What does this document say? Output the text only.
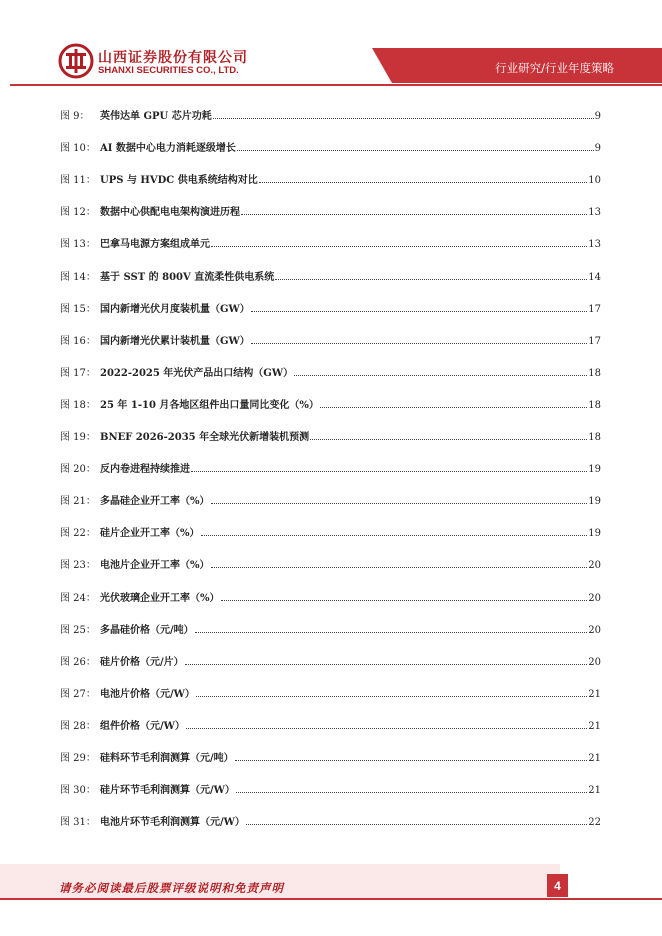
山西证券股份有限公司
SHANXI SECURITIES CO., LTD.	行业研究/行业年度策略
图 9：	英伟达单 GPU 芯片功耗	9
图 10： AI 数据中心电力消耗逐级增长	9
图 11： UPS 与 HVDC 供电系统结构对比	10
图 12： 数据中心供配电电架构演进历程	13
图 13： 巴拿马电源方案组成单元	13
图 14： 基于 SST 的 800V 直流柔性供电系统	14
图 15： 国内新增光伏月度装机量（GW）	17
图 16： 国内新增光伏累计装机量（GW）	17
图 17： 2022-2025 年光伏产品出口结构（GW）	18
图 18： 25 年 1-10 月各地区组件出口量同比变化（%）	18
图 19： BNEF 2026-2035 年全球光伏新增装机预测	18
图 20： 反内卷进程持续推进	19
图 21： 多晶硅企业开工率（%）	19
图 22： 硅片企业开工率（%）	19
图 23： 电池片企业开工率（%）	20
图 24： 光伏玻璃企业开工率（%）	20
图 25： 多晶硅价格（元/吨）	20
图 26： 硅片价格（元/片）	20
图 27： 电池片价格（元/W）	21
图 28： 组件价格（元/W）	21
图 29： 硅料环节毛利润测算（元/吨）	21
图 30： 硅片环节毛利润测算（元/W）	21
图 31： 电池片环节毛利润测算（元/W）	22
请务必阅读最后股票评级说明和免责声明	4
